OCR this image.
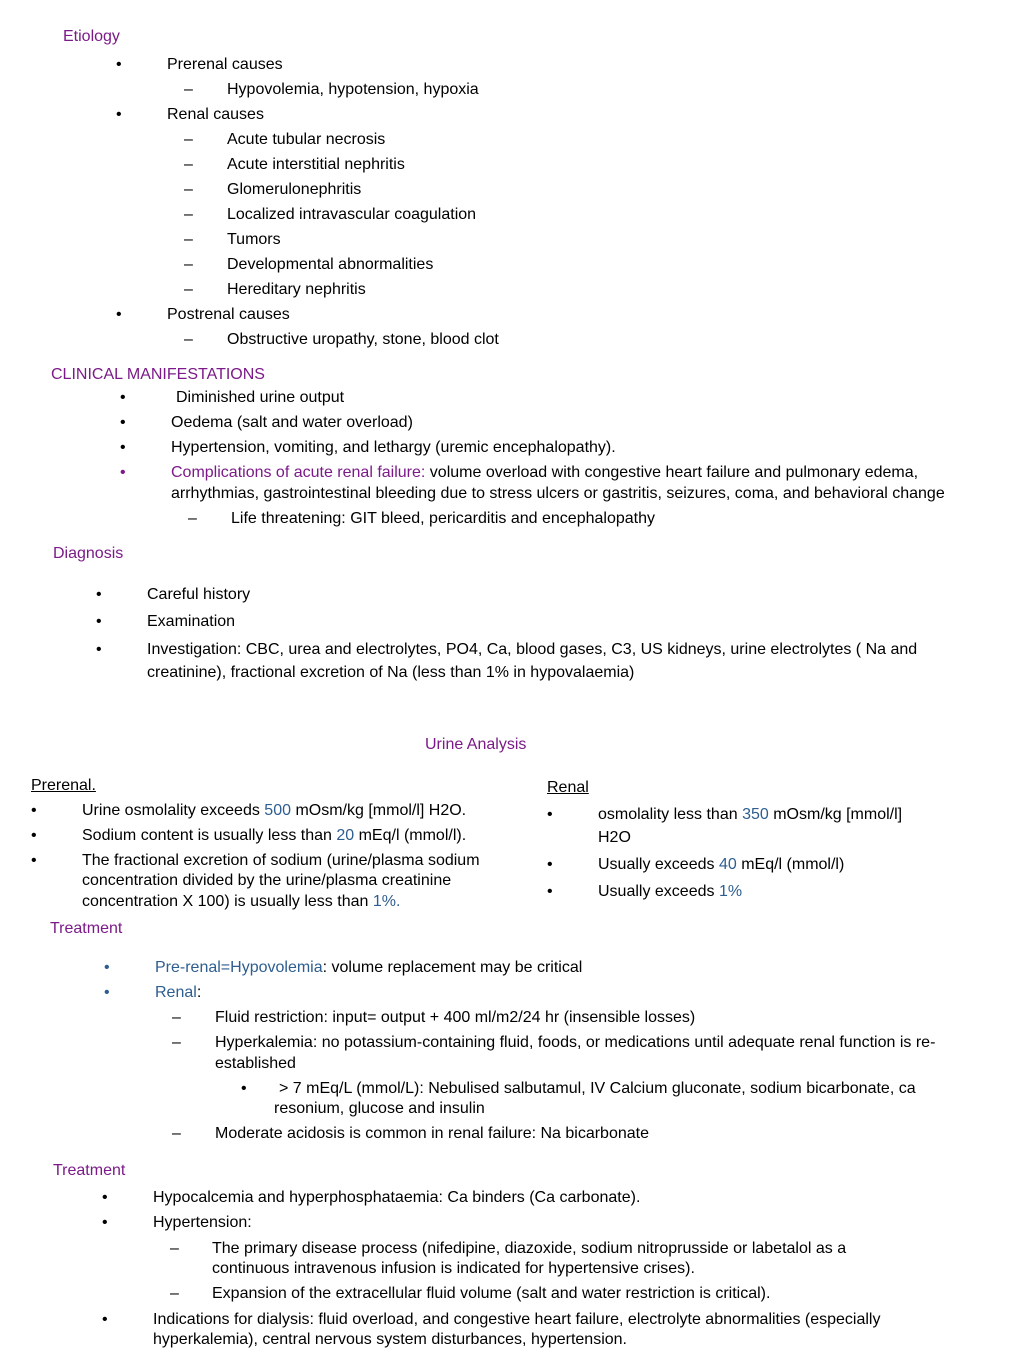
Etiology
•	Prerenal causes
– Hypovolemia, hypotension, hypoxia
•	Renal causes
– Acute tubular necrosis
– Acute interstitial nephritis
– Glomerulonephritis
– Localized intravascular coagulation
– Tumors
– Developmental abnormalities
– Hereditary nephritis
•	Postrenal causes
– Obstructive uropathy, stone, blood clot
CLINICAL MANIFESTATIONS
•	Diminished urine output
•	Oedema (salt and water overload)
•	Hypertension, vomiting, and lethargy (uremic encephalopathy).
•	Complications of acute renal failure: volume overload with congestive heart failure and pulmonary edema,
arrhythmias, gastrointestinal bleeding due to stress ulcers or gastritis, seizures, coma, and behavioral change
– Life threatening: GIT bleed, pericarditis and encephalopathy
Diagnosis
•	Careful history
•	Examination
•	Investigation: CBC, urea and electrolytes, PO4, Ca, blood gases, C3, US kidneys, urine electrolytes ( Na and
creatinine), fractional excretion of Na (less than 1% in hypovalaemia)
Urine Analysis
Prerenal.
•	Urine osmolality exceeds 500 mOsm/kg [mmol/l] H2O.
•	Sodium content is usually less than 20 mEq/l (mmol/l).
•	The fractional excretion of sodium (urine/plasma sodium
concentration divided by the urine/plasma creatinine
concentration X 100) is usually less than 1%.
Renal
•	osmolality less than 350 mOsm/kg [mmol/l]
H2O
•	Usually exceeds 40 mEq/l (mmol/l)
•	Usually exceeds 1%
Treatment
•	Pre-renal=Hypovolemia: volume replacement may be critical
•	Renal:
– Fluid restriction: input= output + 400 ml/m2/24 hr (insensible losses)
– Hyperkalemia: no potassium-containing fluid, foods, or medications until adequate renal function is re-
established
• > 7 mEq/L (mmol/L): Nebulised salbutamul, IV Calcium gluconate, sodium bicarbonate, ca
resonium, glucose and insulin
– Moderate acidosis is common in renal failure: Na bicarbonate
Treatment
•	Hypocalcemia and hyperphosphataemia: Ca binders (Ca carbonate).
•	Hypertension:
– The primary disease process (nifedipine, diazoxide, sodium nitroprusside or labetalol as a
continuous intravenous infusion is indicated for hypertensive crises).
– Expansion of the extracellular fluid volume (salt and water restriction is critical).
•	Indications for dialysis: fluid overload, and congestive heart failure, electrolyte abnormalities (especially
hyperkalemia), central nervous system disturbances, hypertension.
